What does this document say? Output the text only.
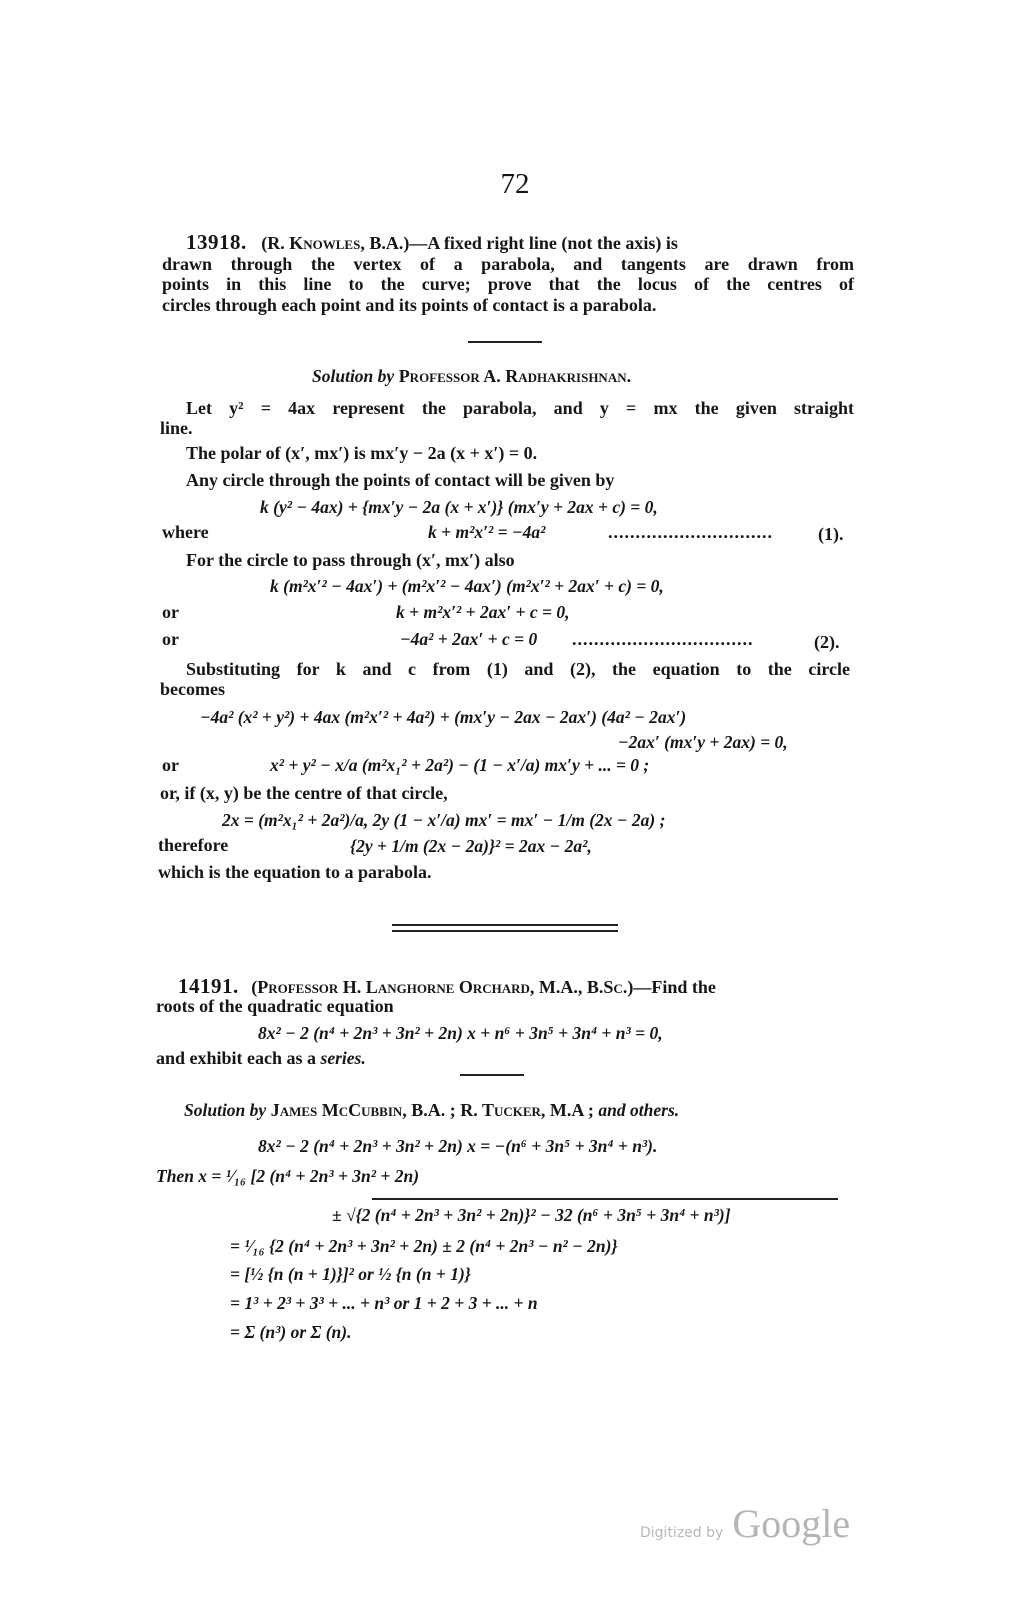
72
13918. (R. Knowles, B.A.)—A fixed right line (not the axis) is
drawn through the vertex of a parabola, and tangents are drawn from
points in this line to the curve; prove that the locus of the centres of
circles through each point and its points of contact is a parabola.
Solution by Professor A. Radhakrishnan.
Let y² = 4ax represent the parabola, and y = mx the given straight
line.
The polar of (x′, mx′) is mx′y − 2a (x + x′) = 0.
Any circle through the points of contact will be given by
k (y² − 4ax) + {mx′y − 2a (x + x′)} (mx′y + 2ax + c) = 0,
where	k + m²x′² = −4a²	..............................	(1).
For the circle to pass through (x′, mx′) also
k (m²x′² − 4ax′) + (m²x′² − 4ax′) (m²x′² + 2ax′ + c) = 0,
or	k + m²x′² + 2ax′ + c = 0,
or	−4a² + 2ax′ + c = 0 .................................	(2).
Substituting for k and c from (1) and (2), the equation to the circle
becomes
−4a² (x² + y²) + 4ax (m²x′² + 4a²) + (mx′y − 2ax − 2ax′) (4a² − 2ax′)
−2ax′ (mx′y + 2ax) = 0,
or	x² + y² − x/a (m²x₁² + 2a²) − (1 − x′/a) mx′y + ... = 0 ;
or, if (x, y) be the centre of that circle,
2x = (m²x₁² + 2a²)/a, 2y (1 − x′/a) mx′ = mx′ − 1/m (2x − 2a) ;
therefore	{2y + 1/m (2x − 2a)}² = 2ax − 2a²,
which is the equation to a parabola.
14191. (Professor H. Langhorne Orchard, M.A., B.Sc.)—Find the
roots of the quadratic equation
8x² − 2 (n⁴ + 2n³ + 3n² + 2n) x + n⁶ + 3n⁵ + 3n⁴ + n³ = 0,
and exhibit each as a series.
Solution by James McCubbin, B.A. ; R. Tucker, M.A ; and others.
8x² − 2 (n⁴ + 2n³ + 3n² + 2n) x = −(n⁶ + 3n⁵ + 3n⁴ + n³).
Then x = ¹⁄₁₆ [2 (n⁴ + 2n³ + 3n² + 2n)
± √{2 (n⁴ + 2n³ + 3n² + 2n)}² − 32 (n⁶ + 3n⁵ + 3n⁴ + n³)]
= ¹⁄₁₆ {2 (n⁴ + 2n³ + 3n² + 2n) ± 2 (n⁴ + 2n³ − n² − 2n)}
= [½ {n (n + 1)}]² or ½ {n (n + 1)}
= 1³ + 2³ + 3³ + ... + n³ or 1 + 2 + 3 + ... + n
= Σ (n³) or Σ (n).
Digitized by Google
